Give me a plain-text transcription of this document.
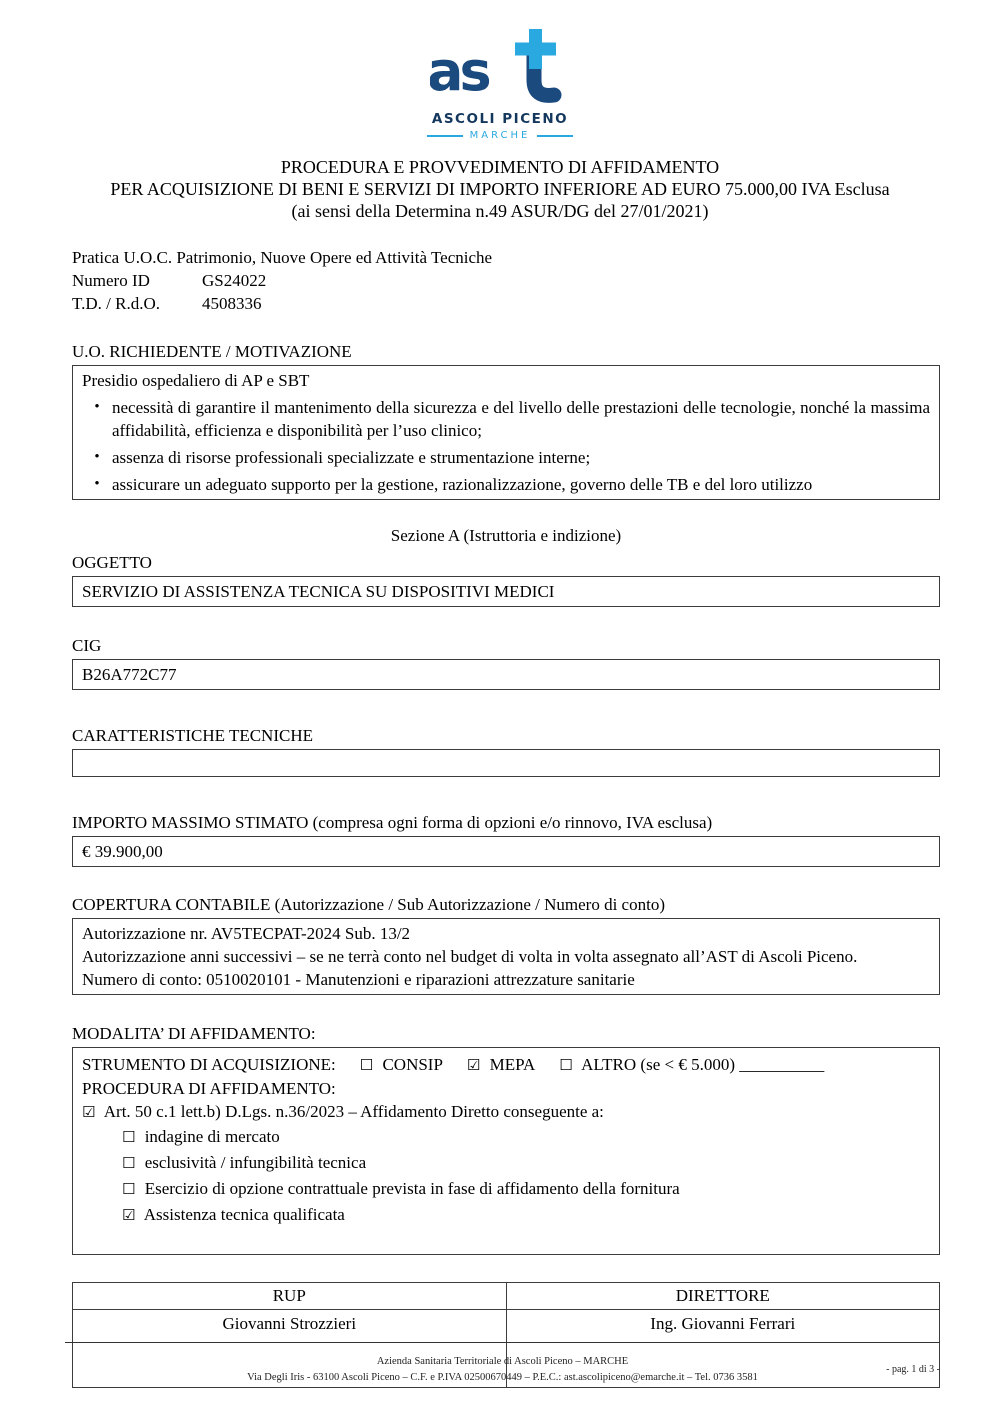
as
ASCOLI PICENO
MARCHE
PROCEDURA E PROVVEDIMENTO DI AFFIDAMENTO
PER ACQUISIZIONE DI BENI E SERVIZI DI IMPORTO INFERIORE AD EURO 75.000,00 IVA Esclusa
(ai sensi della Determina n.49 ASUR/DG del 27/01/2021)
Pratica U.O.C. Patrimonio, Nuove Opere ed Attività Tecniche
Numero ID	GS24022
T.D. / R.d.O.	4508336
U.O. RICHIEDENTE / MOTIVAZIONE
Presidio ospedaliero di AP e SBT
• necessità di garantire il mantenimento della sicurezza e del livello delle prestazioni delle tecnologie, nonché la massima affidabilità, efficienza e disponibilità per l’uso clinico;
• assenza di risorse professionali specializzate e strumentazione interne;
• assicurare un adeguato supporto per la gestione, razionalizzazione, governo delle TB e del loro utilizzo
Sezione A (Istruttoria e indizione)
OGGETTO
SERVIZIO DI ASSISTENZA TECNICA SU DISPOSITIVI MEDICI
CIG
B26A772C77
CARATTERISTICHE TECNICHE
IMPORTO MASSIMO STIMATO (compresa ogni forma di opzioni e/o rinnovo, IVA esclusa)
€ 39.900,00
COPERTURA CONTABILE (Autorizzazione / Sub Autorizzazione / Numero di conto)
Autorizzazione nr. AV5TECPAT-2024 Sub. 13/2
Autorizzazione anni successivi – se ne terrà conto nel budget di volta in volta assegnato all’AST di Ascoli Piceno.
Numero di conto: 0510020101 - Manutenzioni e riparazioni attrezzature sanitarie
MODALITA’ DI AFFIDAMENTO:
STRUMENTO DI ACQUISIZIONE: ☐ CONSIP ☑ MEPA ☐ ALTRO (se < € 5.000) __________
PROCEDURA DI AFFIDAMENTO:
☑ Art. 50 c.1 lett.b) D.Lgs. n.36/2023 – Affidamento Diretto conseguente a:
☐ indagine di mercato
☐ esclusività / infungibilità tecnica
☐ Esercizio di opzione contrattuale prevista in fase di affidamento della fornitura
☑ Assistenza tecnica qualificata
RUP	DIRETTORE
Giovanni Strozzieri	Ing. Giovanni Ferrari
Azienda Sanitaria Territoriale di Ascoli Piceno – MARCHE
Via Degli Iris - 63100 Ascoli Piceno – C.F. e P.IVA 02500670449 – P.E.C.: ast.ascolipiceno@emarche.it – Tel. 0736 3581
- pag. 1 di 3 -
